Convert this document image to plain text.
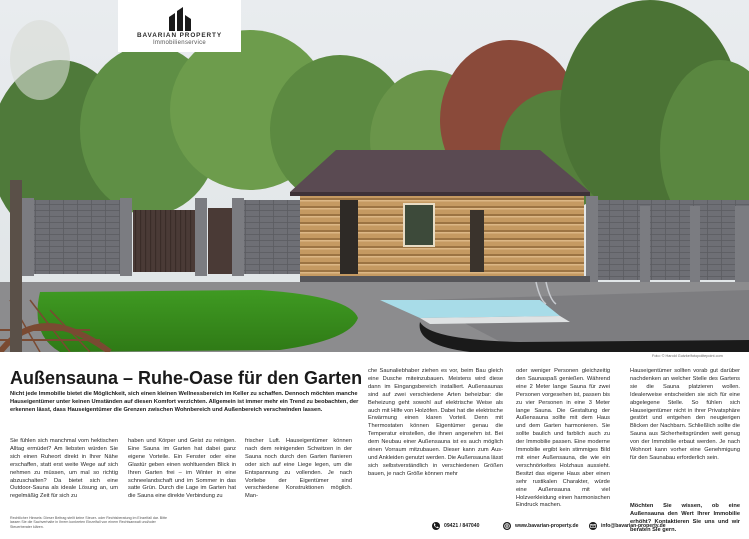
BAVARIAN PROPERTY
Immobilienservice
Foto: © Harold Gutzke/fotopolitepoint.com
Außensauna – Ruhe-Oase für den Garten
Nicht jede Immobilie bietet die Möglichkeit, sich einen kleinen Wellnessbereich im Keller zu schaffen. Dennoch möchten manche Hauseigentümer unter keinen Umständen auf diesen Komfort verzichten. Allgemein ist immer mehr ein Trend zu beobachten, der erkennen lässt, dass Hauseigentümer die Grenzen zwischen Wohnbereich und Außenbereich verschwinden lassen.
Sie fühlen sich manchmal vom hektischen Alltag ermüdet? Am liebsten würden Sie sich einen Ruheort direkt in Ihrer Nähe erschaffen, statt erst weite Wege auf sich nehmen zu müssen, um mal so richtig abzuschalten? Da bietet sich eine Outdoor-Sauna als ideale Lösung an, um regelmäßig Zeit für sich zu
haben und Körper und Geist zu reinigen. Eine Sauna im Garten hat dabei ganz eigene Vorteile. Ein Fenster oder eine Glastür geben einen wohltuenden Blick in Ihren Garten frei – im Winter in eine schneelandschaft und im Sommer in das satte Grün. Durch die Lage im Garten hat die Sauna eine direkte Verbindung zu
frischer Luft. Hauseigentümer können nach dem reinigenden Schwitzen in der Sauna noch durch den Garten flanieren oder sich auf eine Liege legen, um die Entspannung zu vollenden. Je nach Vorliebe der Eigentümer sind verschiedene Konstruktionen möglich. Man-
che Saunaliebhaber ziehen es vor, beim Bau gleich eine Dusche miteinzubauen. Meistens wird diese dann im Eingangsbereich installiert. Außensaunas sind auf zwei verschiedene Arten beheizbar: die Beheizung geht sowohl auf elektrische Weise als auch mit Hilfe von Holzöfen. Dabei hat die elektrische Erwärmung einen klaren Vorteil. Denn mit Thermostaten können Eigentümer genau die Temperatur einstellen, die ihnen angenehm ist. Bei dem Neubau einer Außensauna ist es auch möglich einen Vorraum mitzubauen. Dieser kann zum Aus- und Ankleiden genutzt werden. Die Außensauna lässt sich selbstverständlich in verschiedenen Größen bauen, je nach Größe können mehr
oder weniger Personen gleichzeitig den Saunaspaß genießen. Während eine 2 Meter lange Sauna für zwei Personen vorgesehen ist, passen bis zu vier Personen in eine 3 Meter lange Sauna. Die Gestaltung der Außensauna sollte mit dem Haus und dem Garten harmonieren. Sie sollte baulich und farblich auch zu der Immobilie passen. Eine moderne Immobilie ergibt kein stimmiges Bild mit einer Außensauna, die wie ein verschnörkeltes Holzhaus aussieht. Besitzt das eigene Haus aber einen sehr rustikalen Charakter, würde eine Außensauna mit viel Holzverkleidung einen harmonischen Eindruck machen.
Hauseigentümer sollten vorab gut darüber nachdenken an welcher Stelle des Gartens sie die Sauna platzieren wollen. Idealerweise entscheiden sie sich für eine abgelegene Stelle. So fühlen sich Hauseigentümer nicht in ihrer Privatsphäre gestört und entgehen den neugierigen Blicken der Nachbarn. Schließlich sollte die Sauna aus Sicherheitsgründen weit genug von der Immobilie erbaut werden. Je nach Wohnort kann vorher eine Genehmigung für den Saunabau erforderlich sein.
Möchten Sie wissen, ob eine Außensauna den Wert Ihrer Immobilie erhöht? Kontaktieren Sie uns und wir beraten Sie gern.
Rechtlicher Hinweis: Dieser Beitrag stellt keine Steuer- oder Rechtsberatung im Einzelfall dar. Bitte lassen Sie die Sachverhalte in Ihrem konkreten Einzelfall von einem Rechtsanwalt und/oder Steuerberater klären.	09421 / 847040	www.bavarian-property.de	info@bavarian-property.de
